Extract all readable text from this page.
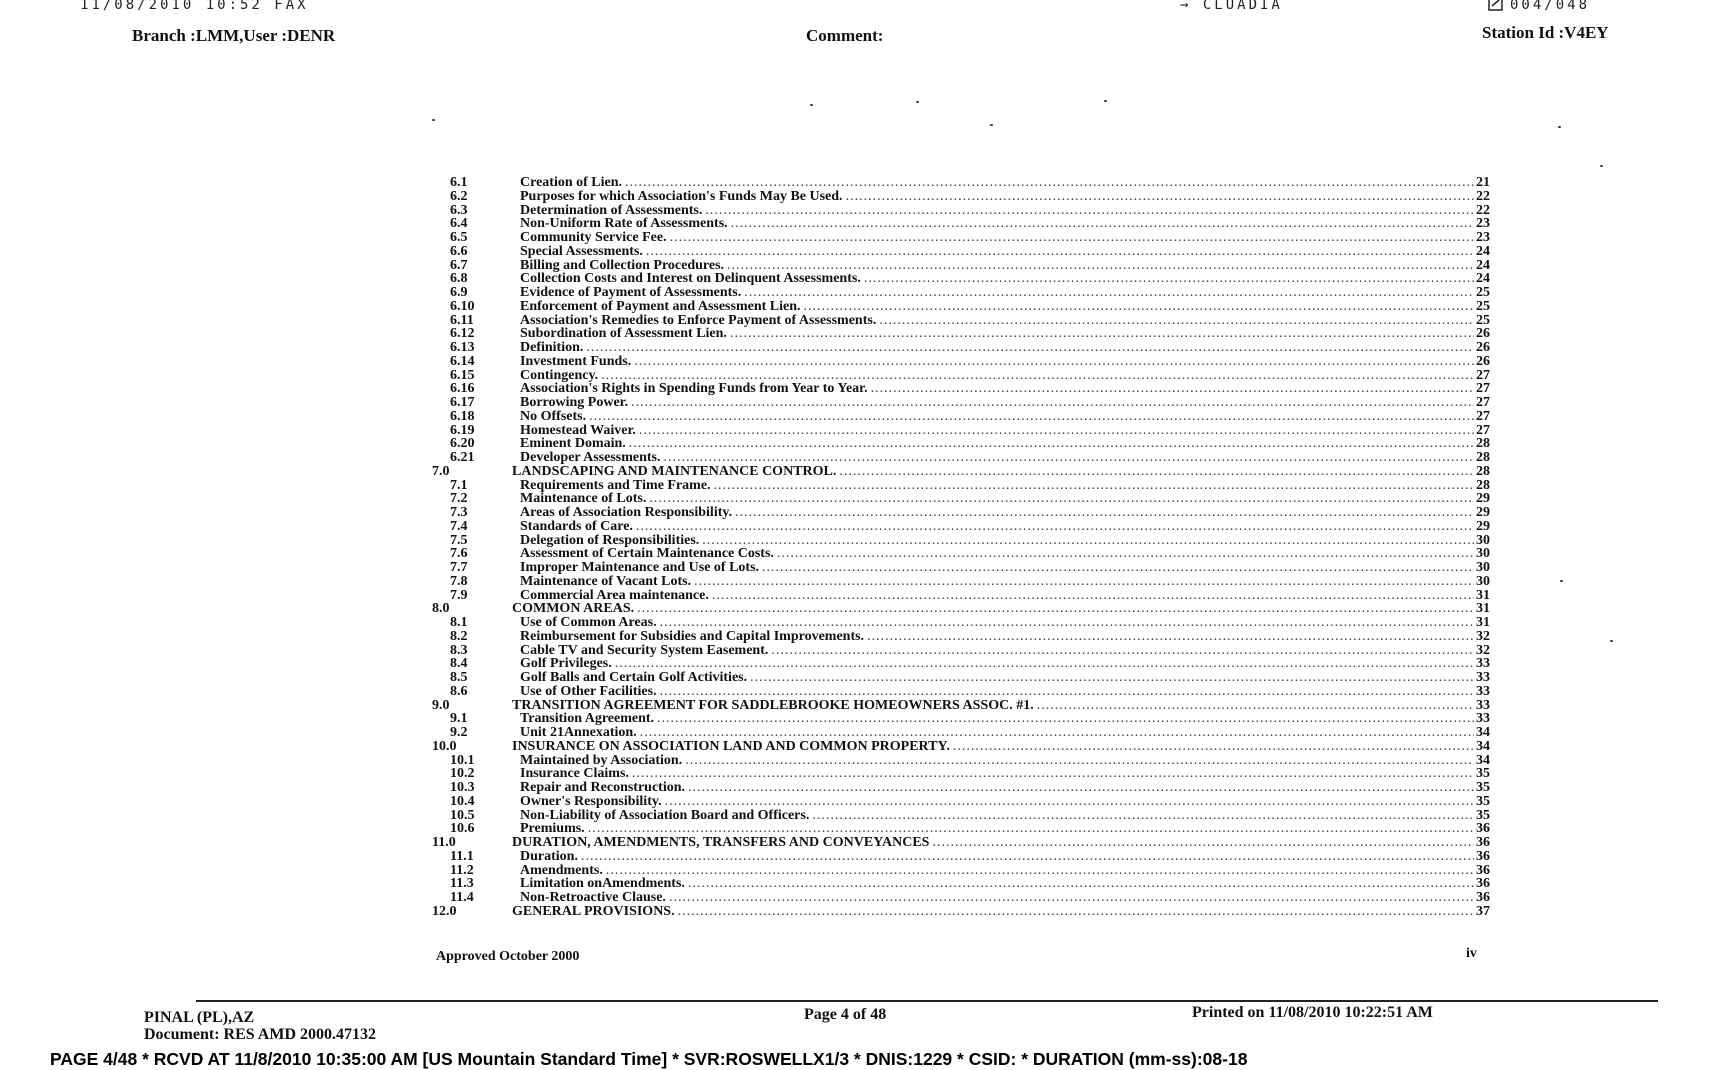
11/08/2010 10:52 FAX	→ CLUADIA	004/048
Branch :LMM,User :DENR	Comment:	Station Id :V4EY
6.1	Creation of Lien. .....	21
6.2	Purposes for which Association's Funds May Be Used. .....	22
6.3	Determination of Assessments. .....	22
6.4	Non-Uniform Rate of Assessments. .....	23
6.5	Community Service Fee. .....	23
6.6	Special Assessments. .....	24
6.7	Billing and Collection Procedures. .....	24
6.8	Collection Costs and Interest on Delinquent Assessments. .....	24
6.9	Evidence of Payment of Assessments. .....	25
6.10	Enforcement of Payment and Assessment Lien. .....	25
6.11	Association's Remedies to Enforce Payment of Assessments. .....	25
6.12	Subordination of Assessment Lien. .....	26
6.13	Definition. .....	26
6.14	Investment Funds. .....	26
6.15	Contingency. .....	27
6.16	Association's Rights in Spending Funds from Year to Year. .....	27
6.17	Borrowing Power. .....	27
6.18	No Offsets. .....	27
6.19	Homestead Waiver. .....	27
6.20	Eminent Domain. .....	28
6.21	Developer Assessments. .....	28
7.0	LANDSCAPING AND MAINTENANCE CONTROL. .....	28
7.1	Requirements and Time Frame. .....	28
7.2	Maintenance of Lots. .....	29
7.3	Areas of Association Responsibility. .....	29
7.4	Standards of Care. .....	29
7.5	Delegation of Responsibilities. .....	30
7.6	Assessment of Certain Maintenance Costs. .....	30
7.7	Improper Maintenance and Use of Lots. .....	30
7.8	Maintenance of Vacant Lots. .....	30
7.9	Commercial Area maintenance. .....	31
8.0	COMMON AREAS. .....	31
8.1	Use of Common Areas. .....	31
8.2	Reimbursement for Subsidies and Capital Improvements. .....	32
8.3	Cable TV and Security System Easement. .....	32
8.4	Golf Privileges. .....	33
8.5	Golf Balls and Certain Golf Activities. .....	33
8.6	Use of Other Facilities. .....	33
9.0	TRANSITION AGREEMENT FOR SADDLEBROOKE HOMEOWNERS ASSOC. #1. .....	33
9.1	Transition Agreement. .....	33
9.2	Unit 21Annexation. .....	34
10.0	INSURANCE ON ASSOCIATION LAND AND COMMON PROPERTY. .....	34
10.1	Maintained by Association. .....	34
10.2	Insurance Claims. .....	35
10.3	Repair and Reconstruction. .....	35
10.4	Owner's Responsibility. .....	35
10.5	Non-Liability of Association Board and Officers. .....	35
10.6	Premiums. .....	36
11.0	DURATION, AMENDMENTS, TRANSFERS AND CONVEYANCES .....	36
11.1	Duration. .....	36
11.2	Amendments. .....	36
11.3	Limitation onAmendments. .....	36
11.4	Non-Retroactive Clause. .....	36
12.0	GENERAL PROVISIONS. .....	37
Approved October 2000	iv
PINAL (PL),AZ
Document: RES AMD 2000.47132
Page 4 of 48	Printed on 11/08/2010 10:22:51 AM
PAGE 4/48 * RCVD AT 11/8/2010 10:35:00 AM [US Mountain Standard Time] * SVR:ROSWELLX1/3 * DNIS:1229 * CSID: * DURATION (mm-ss):08-18
